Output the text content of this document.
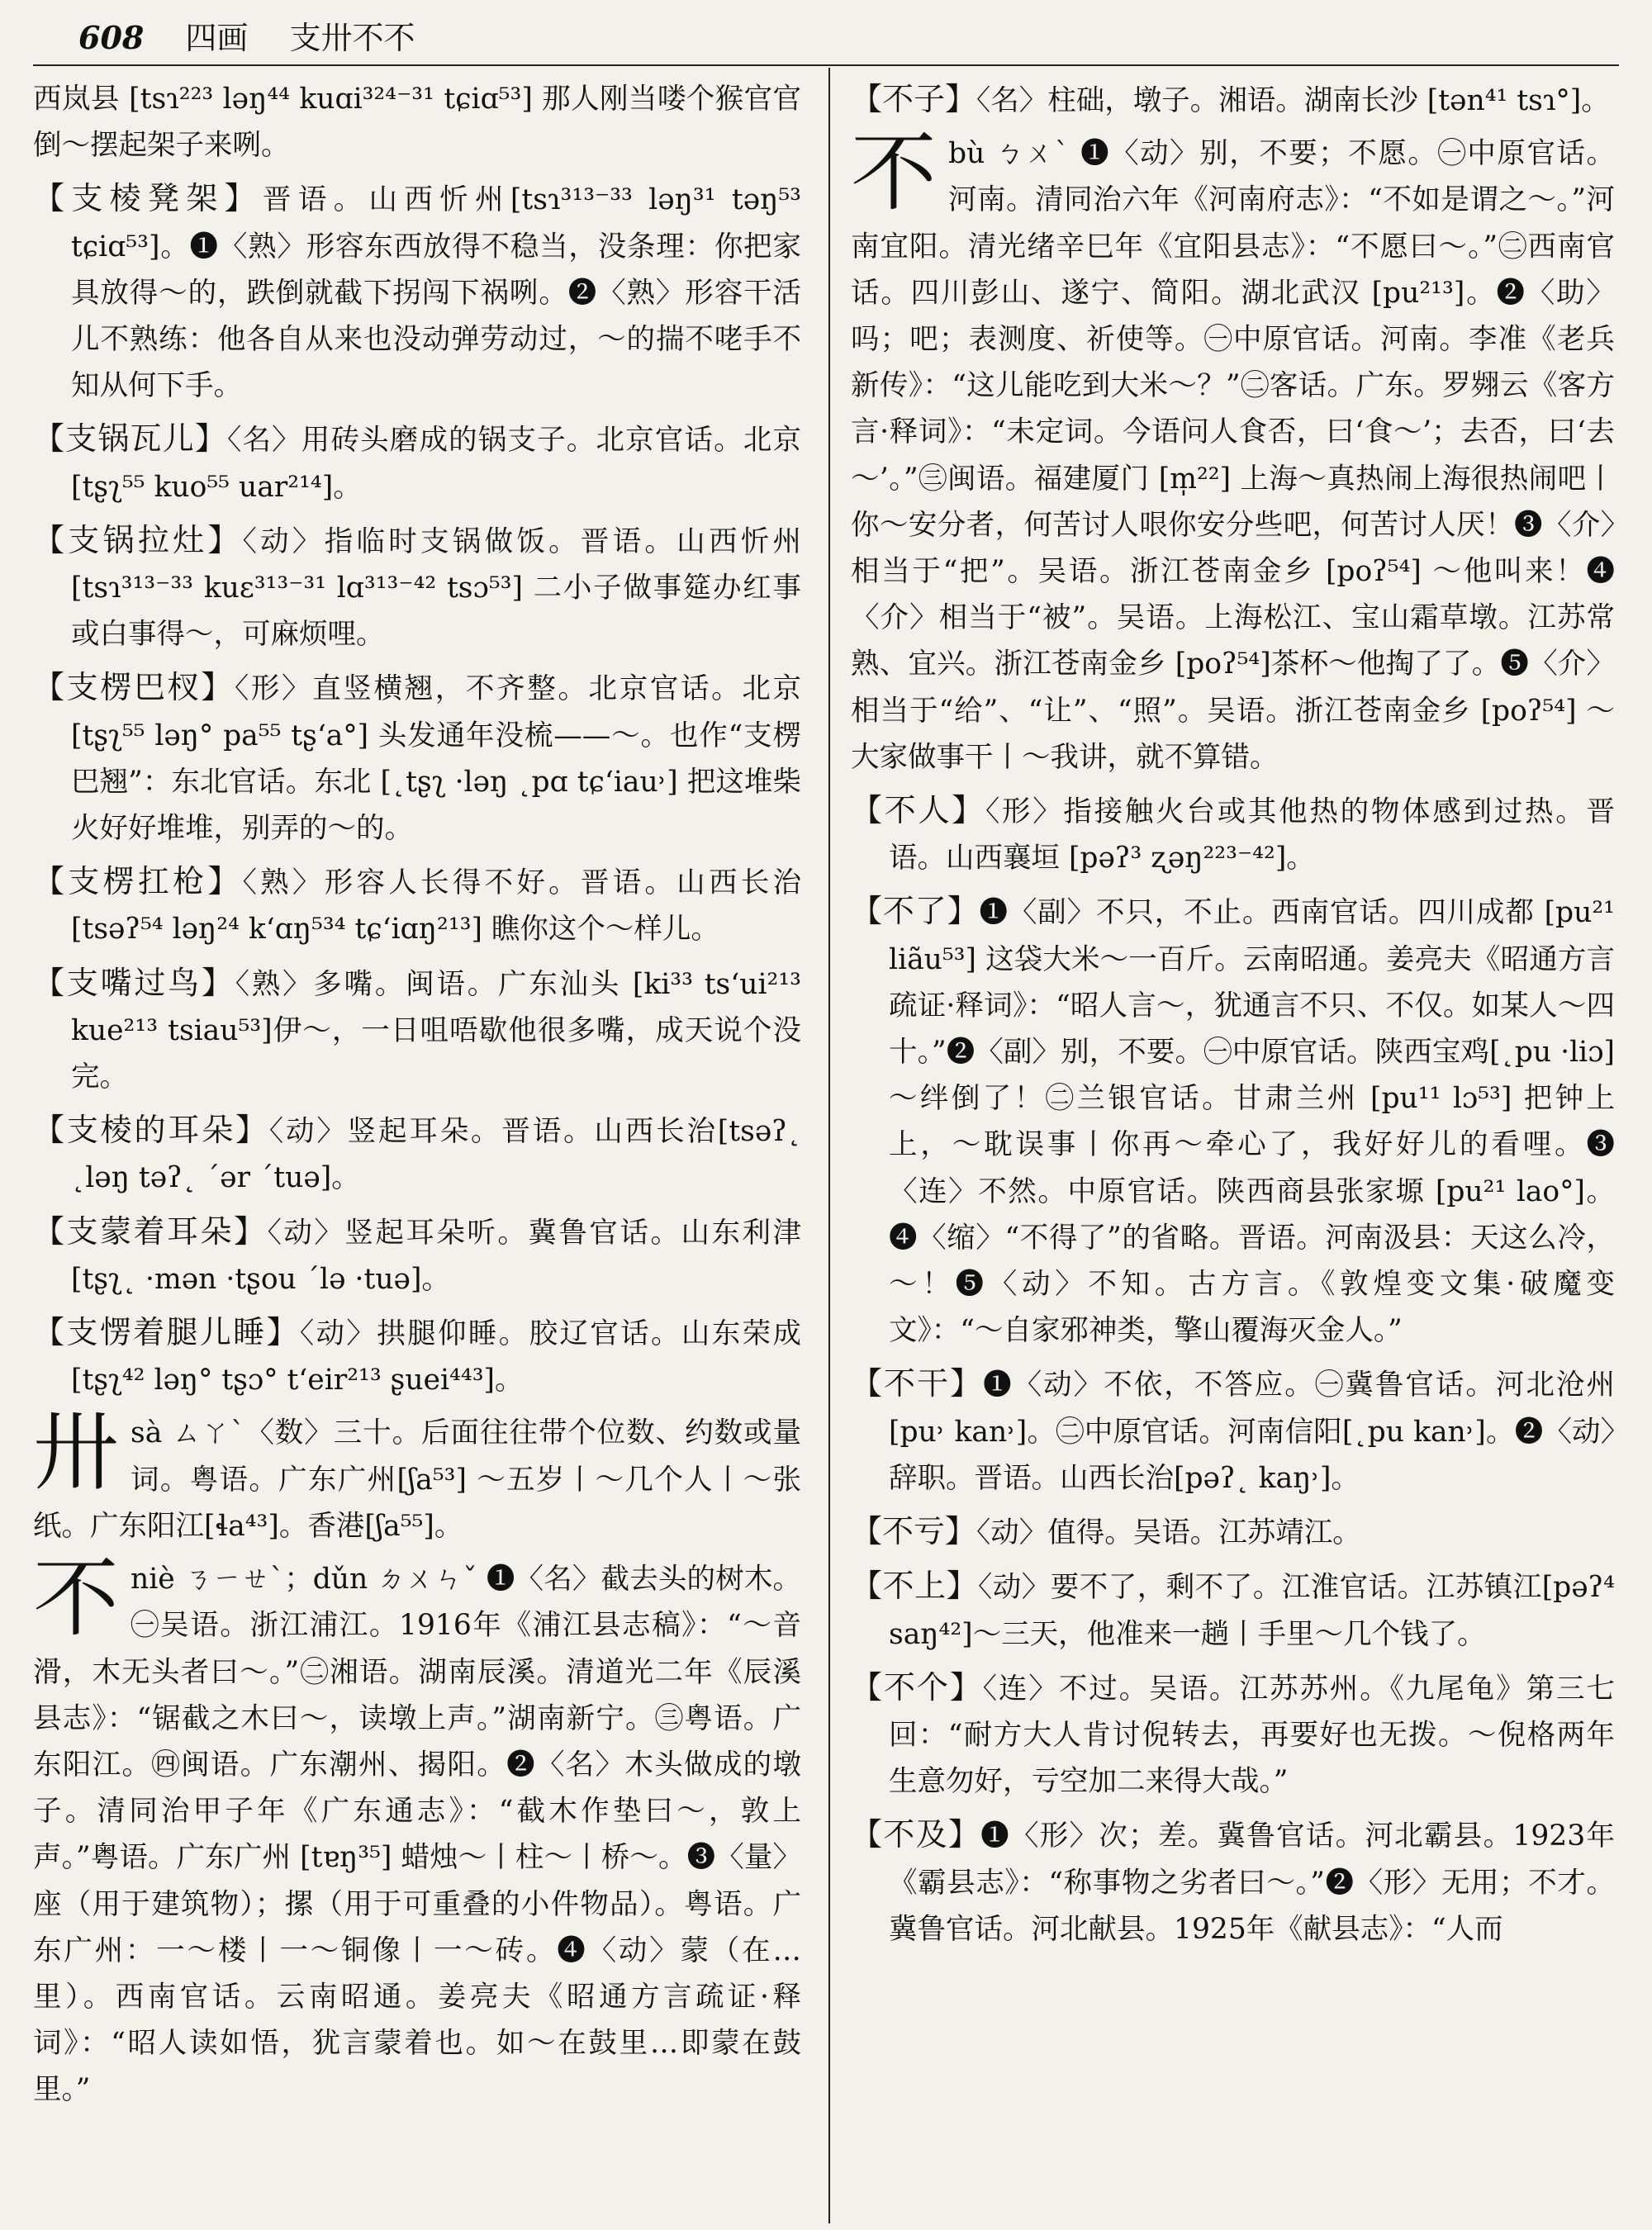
608 四画 支卅不不

西岚县 [tsɿ²²³ ləŋ⁴⁴ kuɑi³²⁴⁻³¹ tɕiɑ⁵³] 那人刚当喽个猴官官倒～摆起架子来咧。

【支棱凳架】晋语。山西忻州[tsɿ³¹³⁻³³ ləŋ³¹ təŋ⁵³ tɕiɑ⁵³]。❶〈熟〉形容东西放得不稳当，没条理：你把家具放得～的，跌倒就截下拐闯下祸咧。❷〈熟〉形容干活儿不熟练：他各自从来也没动弹劳动过，～的揣不咾手不知从何下手。

【支锅瓦儿】〈名〉用砖头磨成的锅支子。北京官话。北京 [tʂʅ⁵⁵ kuo⁵⁵ uar²¹⁴]。

【支锅拉灶】〈动〉指临时支锅做饭。晋语。山西忻州[tsɿ³¹³⁻³³ kuɛ³¹³⁻³¹ lɑ³¹³⁻⁴² tsɔ⁵³] 二小子做事筵办红事或白事得～，可麻烦哩。

【支楞巴杈】〈形〉直竖横翘，不齐整。北京官话。北京 [tʂʅ⁵⁵ ləŋ° pa⁵⁵ tʂʻa°] 头发通年没梳——～。也作“支楞巴翘”：东北官话。东北 [˛tʂʅ ·ləŋ ˛pɑ tɕʻiau˒] 把这堆柴火好好堆堆，别弄的～的。

【支楞扛枪】〈熟〉形容人长得不好。晋语。山西长治[tsəʔ⁵⁴ ləŋ²⁴ kʻɑŋ⁵³⁴ tɕʻiɑŋ²¹³] 瞧你这个～样儿。

【支嘴过鸟】〈熟〉多嘴。闽语。广东汕头 [ki³³ tsʻui²¹³ kue²¹³ tsiau⁵³]伊～，一日咀唔歇他很多嘴，成天说个没完。

【支棱的耳朵】〈动〉竖起耳朵。晋语。山西长治[tsəʔ˛ ˛ləŋ təʔ˛ ˊər ˊtuə]。

【支蒙着耳朵】〈动〉竖起耳朵听。冀鲁官话。山东利津[tʂʅ˛ ·mən ·tʂou ˊlə ·tuə]。

【支愣着腿儿睡】〈动〉拱腿仰睡。胶辽官话。山东荣成 [tʂʅ⁴² ləŋ° tʂɔ° tʻeir²¹³ ʂuei⁴⁴³]。

卅sà ㄙㄚˋ〈数〉三十。后面往往带个位数、约数或量词。粤语。广东广州[ʃa⁵³] ～五岁丨～几个人丨～张纸。广东阳江[ɬa⁴³]。香港[ʃa⁵⁵]。

不niè ㄋㄧㄝˋ；dǔn ㄉㄨㄣˇ ❶〈名〉截去头的树木。㊀吴语。浙江浦江。1916年《浦江县志稿》：“～音滑，木无头者曰～。”㊁湘语。湖南辰溪。清道光二年《辰溪县志》：“锯截之木曰～，读墩上声。”湖南新宁。㊂粤语。广东阳江。㊃闽语。广东潮州、揭阳。❷〈名〉木头做成的墩子。清同治甲子年《广东通志》：“截木作垫曰～，敦上声。”粤语。广东广州 [tɐŋ³⁵] 蜡烛～丨柱～丨桥～。❸〈量〉座（用于建筑物）；摞（用于可重叠的小件物品）。粤语。广东广州：一～楼丨一～铜像丨一～砖。❹〈动〉蒙（在…里）。西南官话。云南昭通。姜亮夫《昭通方言疏证·释词》：“昭人读如悟，犹言蒙着也。如～在鼓里…即蒙在鼓里。”

【不子】〈名〉柱础，墩子。湘语。湖南长沙 [tən⁴¹ tsɿ°]。

不bù ㄅㄨˋ ❶〈动〉别，不要；不愿。㊀中原官话。河南。清同治六年《河南府志》：“不如是谓之～。”河南宜阳。清光绪辛巳年《宜阳县志》：“不愿曰～。”㊁西南官话。四川彭山、遂宁、简阳。湖北武汉 [pu²¹³]。❷〈助〉吗；吧；表测度、祈使等。㊀中原官话。河南。李准《老兵新传》：“这儿能吃到大米～？”㊁客话。广东。罗翙云《客方言·释词》：“未定词。今语问人食否，曰‘食～’；去否，曰‘去～’。”㊂闽语。福建厦门 [m̩²²] 上海～真热闹上海很热闹吧丨你～安分者，何苦讨人哏你安分些吧，何苦讨人厌！❸〈介〉相当于“把”。吴语。浙江苍南金乡 [poʔ⁵⁴] ～他叫来！❹〈介〉相当于“被”。吴语。上海松江、宝山霜草墩。江苏常熟、宜兴。浙江苍南金乡 [poʔ⁵⁴]茶杯～他掏了了。❺〈介〉相当于“给”、“让”、“照”。吴语。浙江苍南金乡 [poʔ⁵⁴] ～大家做事干丨～我讲，就不算错。

【不人】〈形〉指接触火台或其他热的物体感到过热。晋语。山西襄垣 [pəʔ³ ʐəŋ²²³⁻⁴²]。

【不了】❶〈副〉不只，不止。西南官话。四川成都 [pu²¹ liãu⁵³] 这袋大米～一百斤。云南昭通。姜亮夫《昭通方言疏证·释词》：“昭人言～，犹通言不只、不仅。如某人～四十。”❷〈副〉别，不要。㊀中原官话。陕西宝鸡[˛pu ·liɔ]～绊倒了！㊁兰银官话。甘肃兰州 [pu¹¹ lɔ⁵³] 把钟上上，～耽误事丨你再～牵心了，我好好儿的看哩。❸〈连〉不然。中原官话。陕西商县张家塬 [pu²¹ lao°]。❹〈缩〉“不得了”的省略。晋语。河南汲县：天这么冷，～！❺〈动〉不知。古方言。《敦煌变文集·破魔变文》：“～自家邪神类，擎山覆海灭金人。”

【不干】❶〈动〉不依，不答应。㊀冀鲁官话。河北沧州 [pu˒ kan˒]。㊁中原官话。河南信阳[˛pu kan˒]。❷〈动〉辞职。晋语。山西长治[pəʔ˛ kaŋ˒]。

【不亏】〈动〉值得。吴语。江苏靖江。

【不上】〈动〉要不了，剩不了。江淮官话。江苏镇江[pəʔ⁴ saŋ⁴²]～三天，他准来一趟丨手里～几个钱了。

【不个】〈连〉不过。吴语。江苏苏州。《九尾龟》第三七回：“耐方大人肯讨倪转去，再要好也无拨。～倪格两年生意勿好，亏空加二来得大哉。”

【不及】❶〈形〉次；差。冀鲁官话。河北霸县。1923年《霸县志》：“称事物之劣者曰～。”❷〈形〉无用；不才。冀鲁官话。河北献县。1925年《献县志》：“人而
